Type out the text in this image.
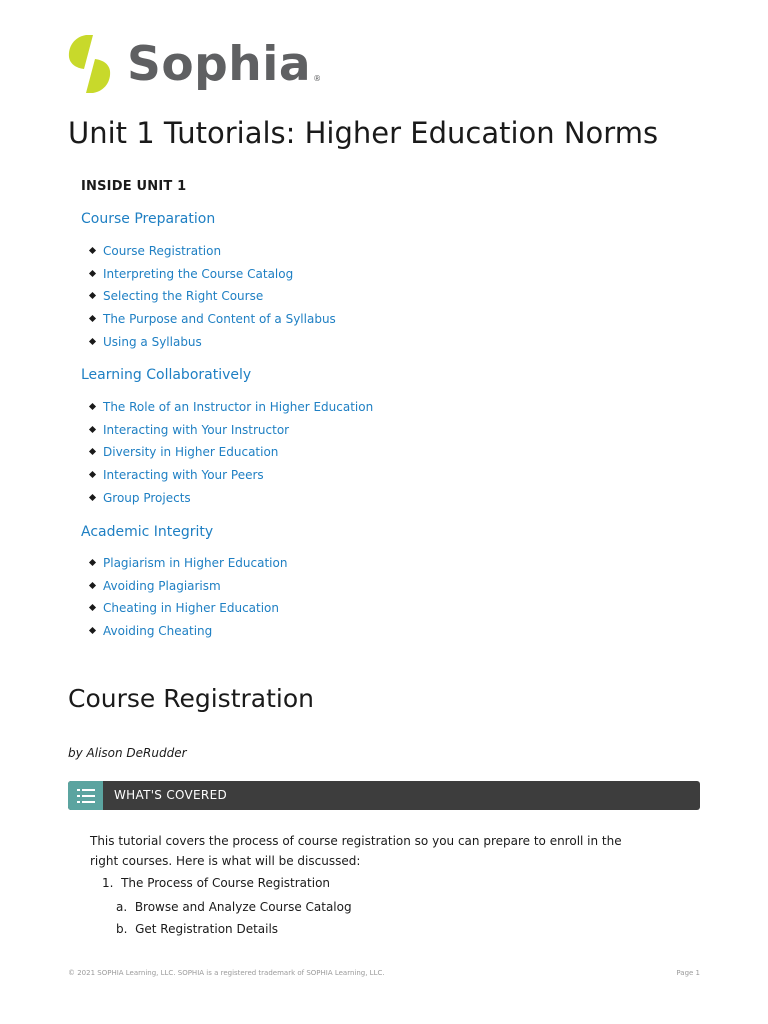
Sophia ®
Unit 1 Tutorials: Higher Education Norms
INSIDE UNIT 1
Course Preparation
Course Registration
Interpreting the Course Catalog
Selecting the Right Course
The Purpose and Content of a Syllabus
Using a Syllabus
Learning Collaboratively
The Role of an Instructor in Higher Education
Interacting with Your Instructor
Diversity in Higher Education
Interacting with Your Peers
Group Projects
Academic Integrity
Plagiarism in Higher Education
Avoiding Plagiarism
Cheating in Higher Education
Avoiding Cheating
Course Registration
by Alison DeRudder
WHAT'S COVERED
This tutorial covers the process of course registration so you can prepare to enroll in the right courses. Here is what will be discussed:
1. The Process of Course Registration
a. Browse and Analyze Course Catalog
b. Get Registration Details
© 2021 SOPHIA Learning, LLC. SOPHIA is a registered trademark of SOPHIA Learning, LLC.	Page 1
